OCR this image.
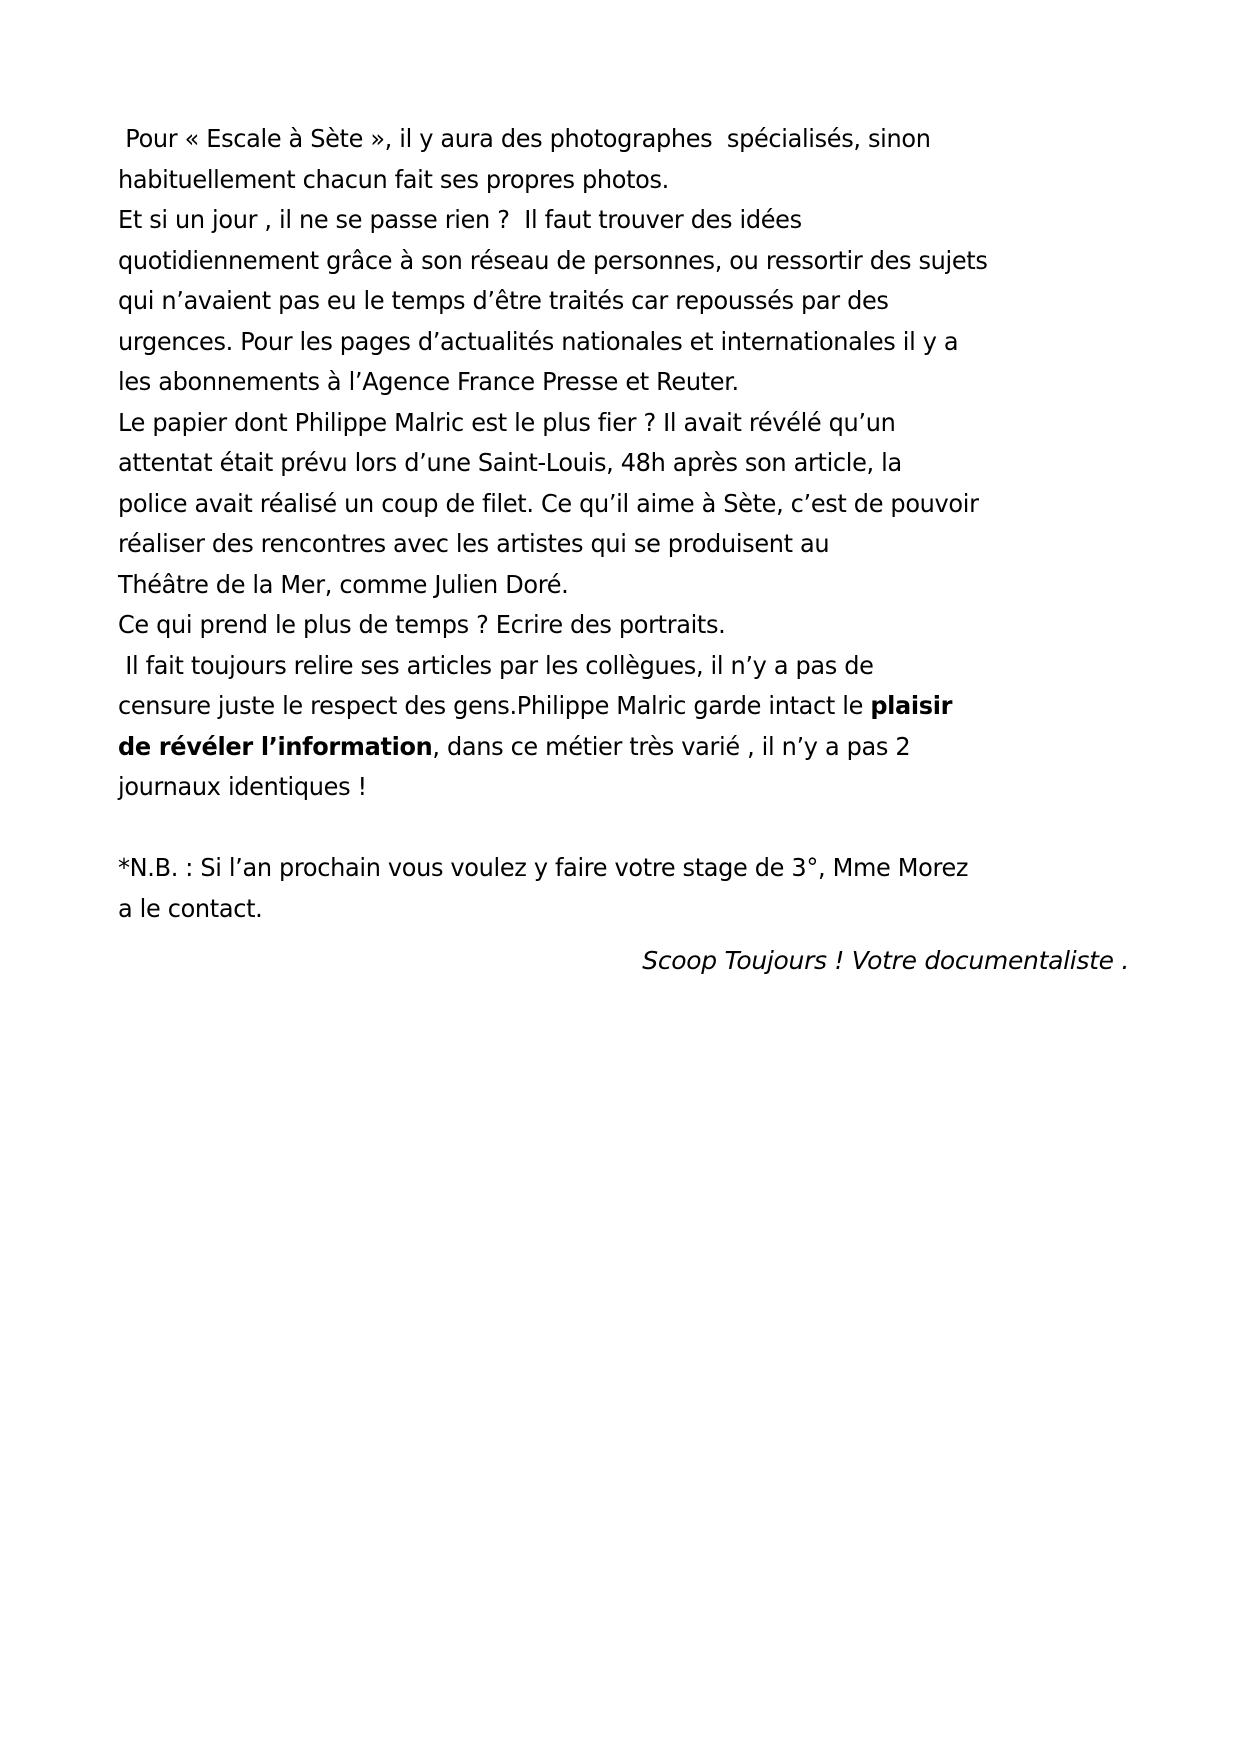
Pour « Escale à Sète », il y aura des photographes  spécialisés, sinon
habituellement chacun fait ses propres photos.
Et si un jour , il ne se passe rien ?  Il faut trouver des idées
quotidiennement grâce à son réseau de personnes, ou ressortir des sujets
qui n’avaient pas eu le temps d’être traités car repoussés par des
urgences. Pour les pages d’actualités nationales et internationales il y a
les abonnements à l’Agence France Presse et Reuter.
Le papier dont Philippe Malric est le plus fier ? Il avait révélé qu’un
attentat était prévu lors d’une Saint-Louis, 48h après son article, la
police avait réalisé un coup de filet. Ce qu’il aime à Sète, c’est de pouvoir
réaliser des rencontres avec les artistes qui se produisent au
Théâtre de la Mer, comme Julien Doré.
Ce qui prend le plus de temps ? Ecrire des portraits.
Il fait toujours relire ses articles par les collègues, il n’y a pas de
censure juste le respect des gens.Philippe Malric garde intact le plaisir
de révéler l’information, dans ce métier très varié , il n’y a pas 2
journaux identiques !
*N.B. : Si l’an prochain vous voulez y faire votre stage de 3°, Mme Morez
a le contact.
Scoop Toujours ! Votre documentaliste .
